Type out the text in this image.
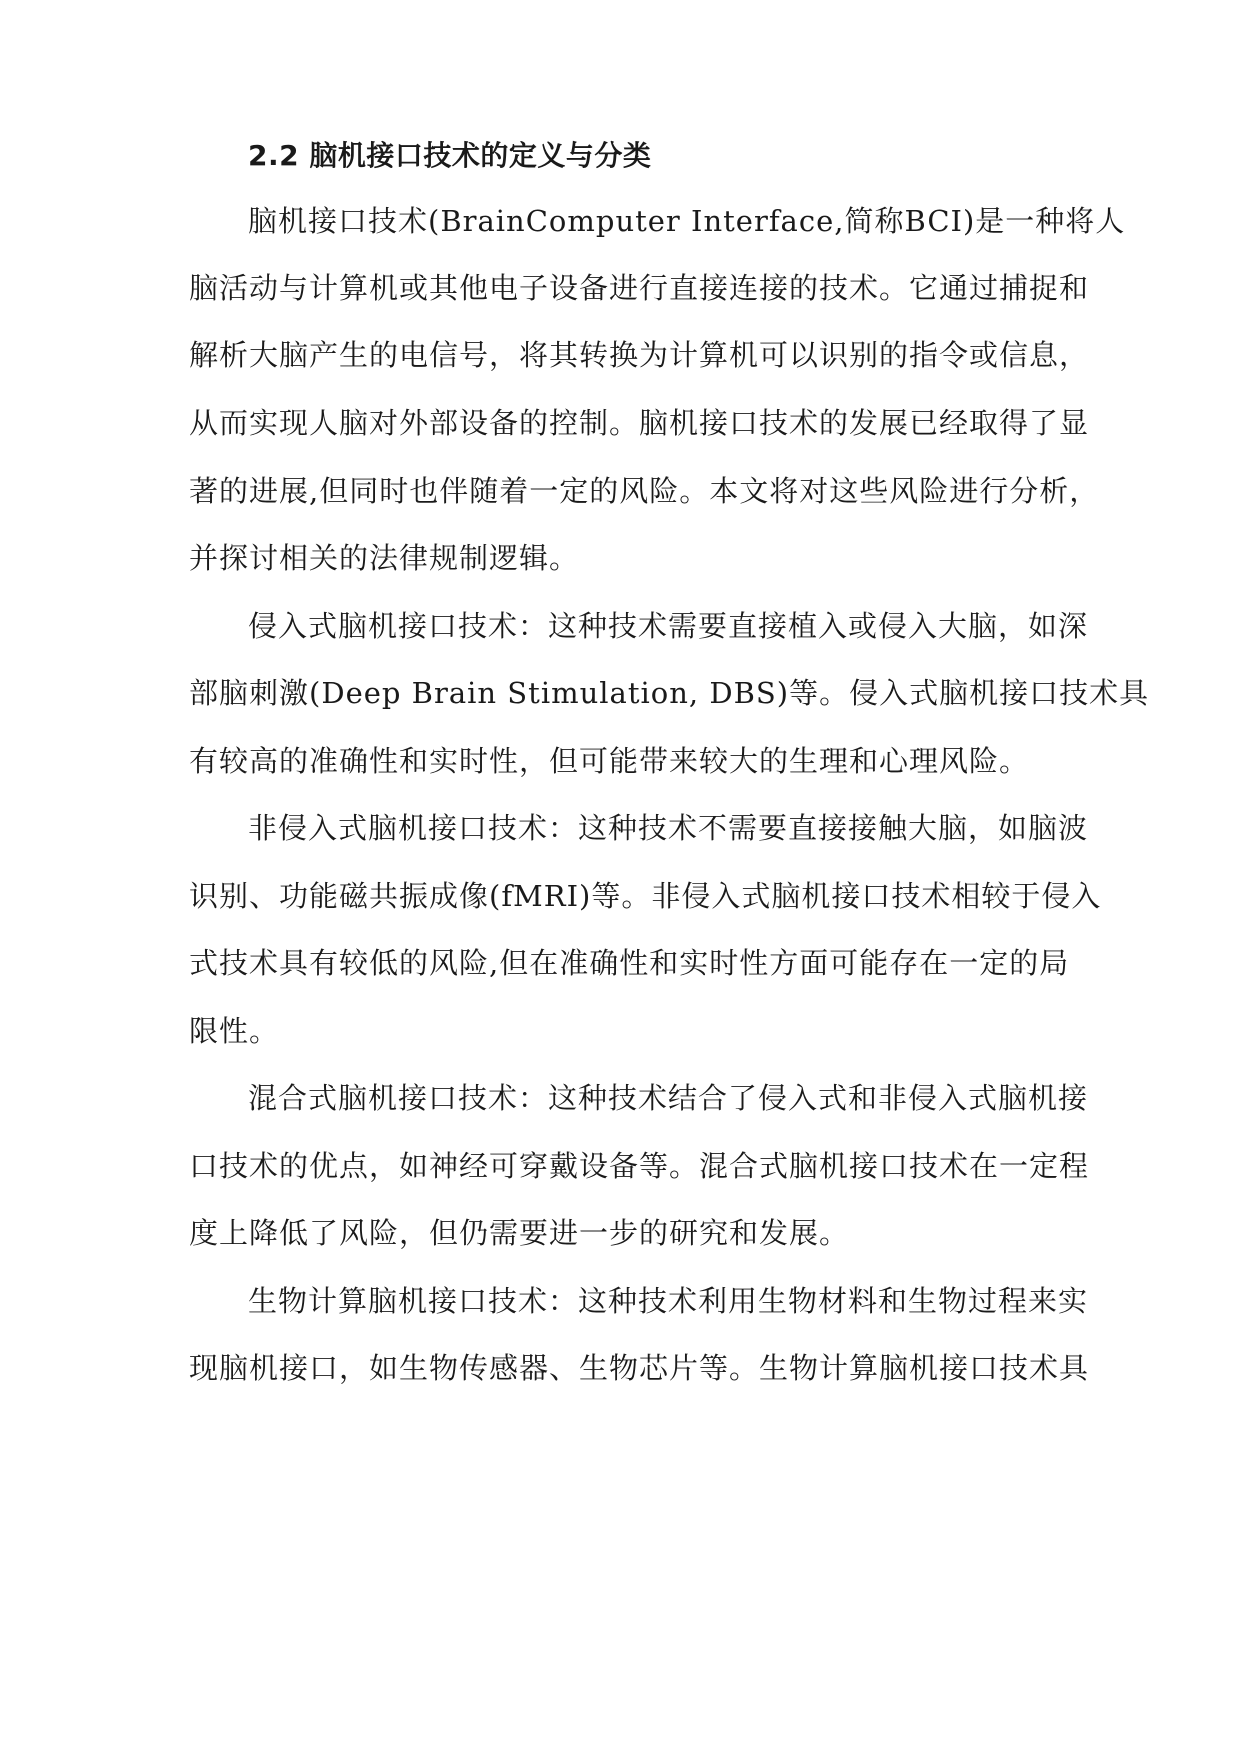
2.2 脑机接口技术的定义与分类
脑机接口技术(BrainComputer Interface,简称BCI)是一种将人
脑活动与计算机或其他电子设备进行直接连接的技术。它通过捕捉和
解析大脑产生的电信号，将其转换为计算机可以识别的指令或信息，
从而实现人脑对外部设备的控制。脑机接口技术的发展已经取得了显
著的进展,但同时也伴随着一定的风险。本文将对这些风险进行分析，
并探讨相关的法律规制逻辑。
侵入式脑机接口技术：这种技术需要直接植入或侵入大脑，如深
部脑刺激(Deep Brain Stimulation, DBS)等。侵入式脑机接口技术具
有较高的准确性和实时性，但可能带来较大的生理和心理风险。
非侵入式脑机接口技术：这种技术不需要直接接触大脑，如脑波
识别、功能磁共振成像(fMRI)等。非侵入式脑机接口技术相较于侵入
式技术具有较低的风险,但在准确性和实时性方面可能存在一定的局
限性。
混合式脑机接口技术：这种技术结合了侵入式和非侵入式脑机接
口技术的优点，如神经可穿戴设备等。混合式脑机接口技术在一定程
度上降低了风险，但仍需要进一步的研究和发展。
生物计算脑机接口技术：这种技术利用生物材料和生物过程来实
现脑机接口，如生物传感器、生物芯片等。生物计算脑机接口技术具
